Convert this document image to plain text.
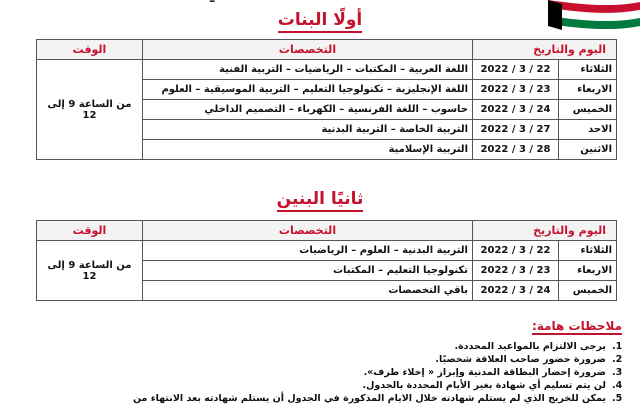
أولًا البنات
اليوم والتاريخ		التخصصات	الوقت
الثلاثاء	2022 / 3 / 22	اللغة العربية – المكتبات – الرياضيات – التربية الفنية	من الساعة 9 إلى 12
الاربعاء	2022 / 3 / 23	اللغة الإنجليزية – تكنولوجيا التعليم – التربية الموسيقية – العلوم	
الخميس	2022 / 3 / 24	حاسوب – اللغة الفرنسية – الكهرباء – التصميم الداخلي	
الاحد	2022 / 3 / 27	التربية الخاصة – التربية البدنية	
الاثنين	2022 / 3 / 28	التربية الإسلامية	
ثانيًا البنين
اليوم والتاريخ		التخصصات	الوقت
الثلاثاء	2022 / 3 / 22	التربية البدنية – العلوم – الرياضيات	من الساعة 9 إلى 12
الاربعاء	2022 / 3 / 23	تكنولوجيا التعليم – المكتبات	
الخميس	2022 / 3 / 24	باقي التخصصات	
ملاحظات هامة:
.1
يرجى الالتزام بالمواعيد المحددة.
.2
ضرورة حضور صاحب العلاقة شخصيًا.
.3
ضرورة إحضار البطاقة المدنية وإبراز « إخلاء طرف».
.4
لن يتم تسليم أي شهادة بغير الأيام المحددة بالجدول.
.5
يمكن للخريج الذي لم يستلم شهادته خلال الايام المذكورة في الجدول أن يستلم شهادته بعد الانتهاء من
